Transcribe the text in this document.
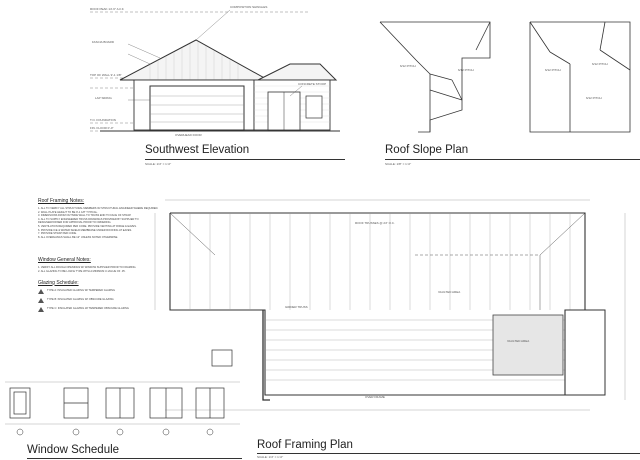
ROOF PEAK 14'-6" A.F.F.	COMPOSITION SHINGLES
FASCIA BOARD
TOP OF WALL 9'-1 1/8"
LAP SIDING
OVERHEAD DOOR
CONCRETE STOOP
T.O. FOUNDATION
FIN. FLOOR 0'-0"
Southwest Elevation
SCALE: 1/4" = 1'-0"
6/12 PITCH
6/12 PITCH	6/12 PITCH
6/12 PITCH
6/12 PITCH
Roof Slope Plan
SCALE: 1/8" = 1'-0"
Roof Framing Notes:
1. ALL TO VERIFY ALL STRUCTURAL MEMBERS W/ STRUCTURAL ENGINEER WHERE REQUIRED.
2. WALL PLATE HEIGHT TO BE 9'-1 1/8" TYPICAL.
3. DIMENSIONS FROM OUTSIDE WALL TO TRUSS END TO FACE OF STRAP.
4. ALL TO SUPPLY ENGINEERED TRUSS DRAWINGS PROVIDED BY SUPPLIER TO DESIGNER/OWNER FOR APPROVAL PRIOR TO ORDERING.
5. VENTILATION REQUIRED PER CODE. PROVIDE VENTING AT RIDGE & EAVES.
6. PROVIDE ICE & WATER SHIELD MEMBRANE UNDER ROOFING AT EAVES.
7. PROVIDE STRAP PER CODE.
8. ALL OVERHANGS SHALL BE 12" UNLESS NOTED OTHERWISE.
Window General Notes:
1. VERIFY ALL ROUGH OPENINGS W/ WINDOW SUPPLIER PRIOR TO FRAMING.
2. ALL GLAZING TO BE LOW-E TYPE WITH A MINIMUM U-VALUE OF .35.
Glazing Schedule:
TYPE A: INSULATED GLAZING W/ TEMPERED GLAZING
TYPE B: INSULATED GLAZING W/ OBSCURE GLAZING
TYPE C: INSULATED GLAZING W/ TEMPERED OBSCURE GLAZING
Window Schedule
ROOF TRUSSES @ 24" O.C.
GIRDER TRUSS
VAULTED AREA
VAULTED AREA
OVER FRAME
Roof Framing Plan
SCALE: 1/4" = 1'-0"
